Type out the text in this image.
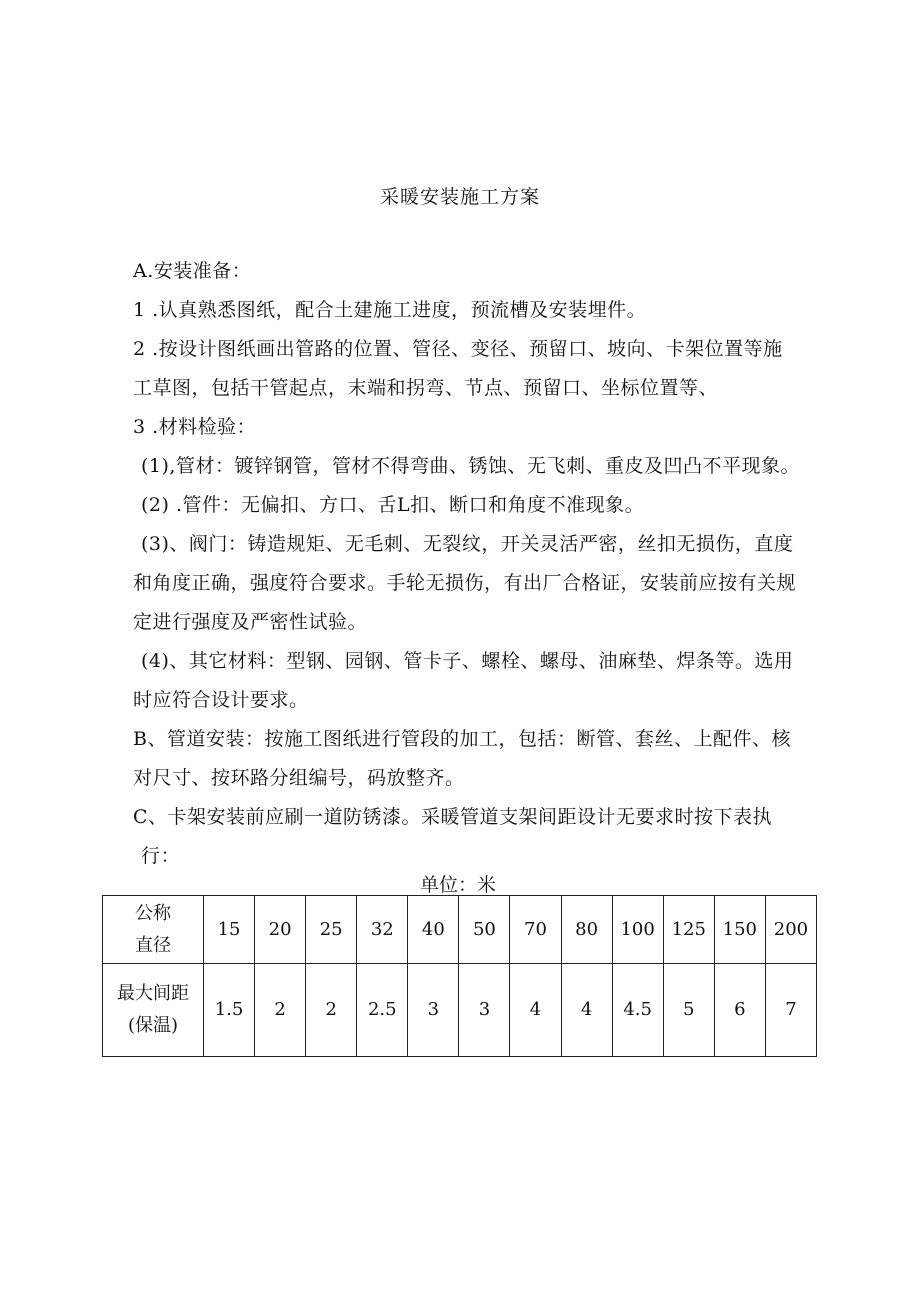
采暖安装施工方案
A.安装准备：
1 .认真熟悉图纸，配合土建施工进度，预流槽及安装埋件。
2 .按设计图纸画出管路的位置、管径、变径、预留口、坡向、卡架位置等施
工草图，包括干管起点，末端和拐弯、节点、预留口、坐标位置等、
3 .材料检验：
(1),管材：镀锌钢管，管材不得弯曲、锈蚀、无飞刺、重皮及凹凸不平现象。
(2) .管件：无偏扣、方口、舌L扣、断口和角度不准现象。
(3)、阀门：铸造规矩、无毛刺、无裂纹，开关灵活严密，丝扣无损伤，直度
和角度正确，强度符合要求。手轮无损伤，有出厂合格证，安装前应按有关规
定进行强度及严密性试验。
(4)、其它材料：型钢、园钢、管卡子、螺栓、螺母、油麻垫、焊条等。选用
时应符合设计要求。
B、管道安装：按施工图纸进行管段的加工，包括：断管、套丝、上配件、核
对尺寸、按环路分组编号，码放整齐。
C、卡架安装前应刷一道防锈漆。采暖管道支架间距设计无要求时按下表执
行：
单位：米
公称
直径	15	20	25	32	40	50	70	80	100	125	150	200

最大间距
(保温)	1.5	2	2	2.5	3	3	4	4	4.5	5	6	7
